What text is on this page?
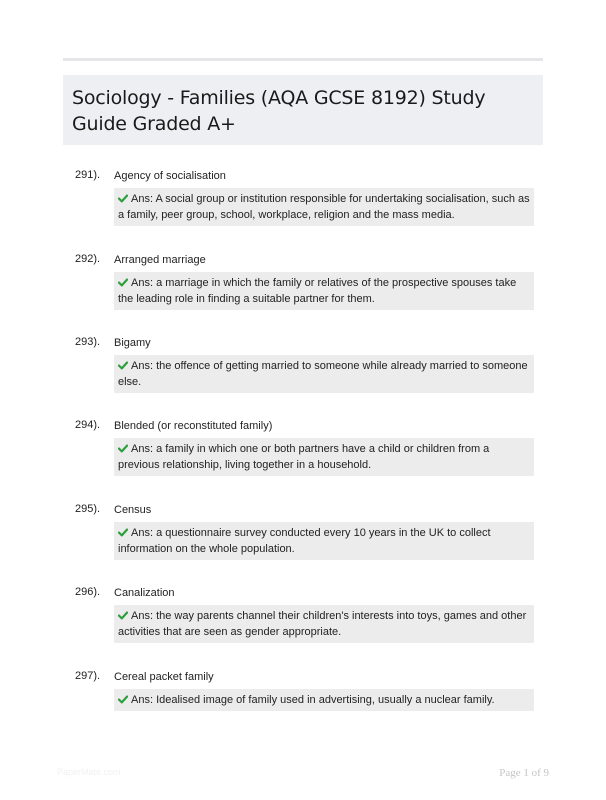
Sociology - Families (AQA GCSE 8192) Study Guide Graded A+
291). Agency of socialisation
Ans: A social group or institution responsible for undertaking socialisation, such as a family, peer group, school, workplace, religion and the mass media.
292). Arranged marriage
Ans: a marriage in which the family or relatives of the prospective spouses take the leading role in finding a suitable partner for them.
293). Bigamy
Ans: the offence of getting married to someone while already married to someone else.
294). Blended (or reconstituted family)
Ans: a family in which one or both partners have a child or children from a previous relationship, living together in a household.
295). Census
Ans: a questionnaire survey conducted every 10 years in the UK to collect information on the whole population.
296). Canalization
Ans: the way parents channel their children's interests into toys, games and other activities that are seen as gender appropriate.
297). Cereal packet family
Ans: Idealised image of family used in advertising, usually a nuclear family.
PaperMate.com	Page 1 of 9
